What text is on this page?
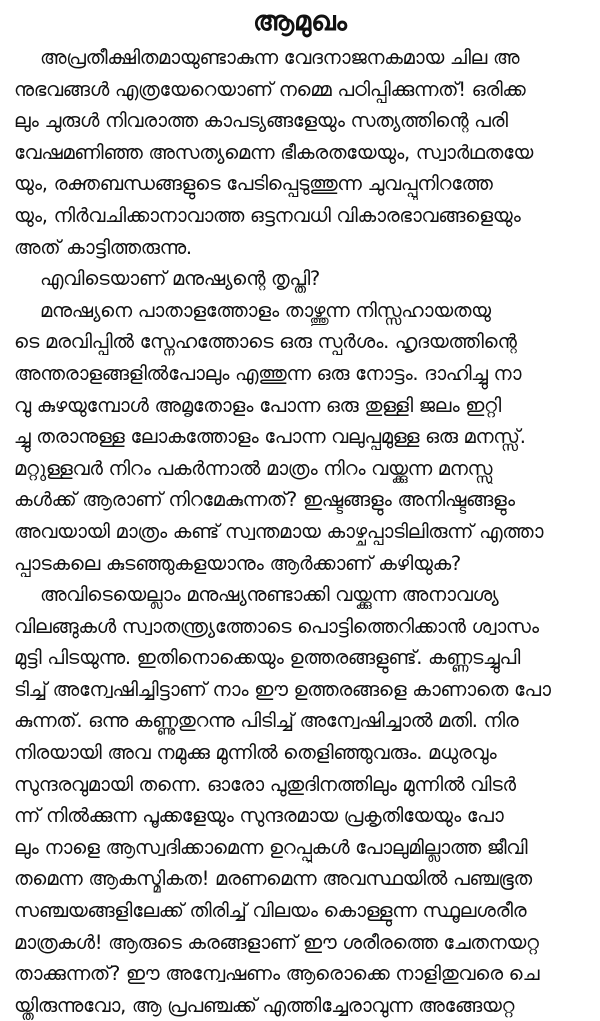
ആമുഖം
അപ്രതീക്ഷിതമായുണ്ടാകുന്ന വേദനാജനകമായ ചില അ
നുഭവങ്ങൾ എത്രയേറെയാണ് നമ്മെ പഠിപ്പിക്കുന്നത്! ഒരിക്ക
ലും ചുരുൾ നിവരാത്ത കാപട്യങ്ങളേയും സത്യത്തിന്റെ പരി
വേഷമണിഞ്ഞ അസത്യമെന്ന ഭീകരതയേയും, സ്വാർഥതയേ
യും, രക്തബന്ധങ്ങളുടെ പേടിപ്പെടുത്തുന്ന ചുവപ്പുനിറത്തേ
യും, നിർവചിക്കാനാവാത്ത ഒട്ടനവധി വികാരഭാവങ്ങളെയും
അത് കാട്ടിത്തരുന്നു.
എവിടെയാണ് മനുഷ്യന്റെ തൃപ്തി?
മനുഷ്യനെ പാതാളത്തോളം താഴ്ത്തുന്ന നിസ്സഹായതയു
ടെ മരവിപ്പിൽ സ്നേഹത്തോടെ ഒരു സ്പർശം. ഹൃദയത്തിന്റെ
അന്തരാളങ്ങളിൽപോലും എത്തുന്ന ഒരു നോട്ടം. ദാഹിച്ചു നാ
വു കുഴയുമ്പോൾ അമൃതോളം പോന്ന ഒരു തുള്ളി ജലം ഇറ്റി
ച്ചു തരാനുള്ള ലോകത്തോളം പോന്ന വലുപ്പമുള്ള ഒരു മനസ്സ്.
മറ്റുള്ളവർ നിറം പകർന്നാൽ മാത്രം നിറം വയ്ക്കുന്ന മനസ്സു
കൾക്ക് ആരാണ് നിറമേകുന്നത്? ഇഷ്ടങ്ങളും അനിഷ്ടങ്ങളും
അവയായി മാത്രം കണ്ട് സ്വന്തമായ കാഴ്ചപ്പാടിലിരുന്ന് എത്താ
പ്പാടകലെ കുടഞ്ഞുകളയാനും ആർക്കാണ് കഴിയുക?
അവിടെയെല്ലാം മനുഷ്യനുണ്ടാക്കി വയ്ക്കുന്ന അനാവശ്യ
വിലങ്ങുകൾ സ്വാതന്ത്ര്യത്തോടെ പൊട്ടിത്തെറിക്കാൻ ശ്വാസം
മുട്ടി പിടയുന്നു. ഇതിനൊക്കെയും ഉത്തരങ്ങളുണ്ട്. കണ്ണടച്ചുപി
ടിച്ച് അന്വേഷിച്ചിട്ടാണ് നാം ഈ ഉത്തരങ്ങളെ കാണാതെ പോ
കുന്നത്. ഒന്നു കണ്ണുതുറന്നു പിടിച്ച് അന്വേഷിച്ചാൽ മതി. നിര
നിരയായി അവ നമുക്കു മുന്നിൽ തെളിഞ്ഞുവരും. മധുരവും
സുന്ദരവുമായി തന്നെ. ഓരോ പുതുദിനത്തിലും മുന്നിൽ വിടർ
ന്ന് നിൽക്കുന്ന പൂക്കളേയും സുന്ദരമായ പ്രകൃതിയേയും പോ
ലും നാളെ ആസ്വദിക്കാമെന്ന ഉറപ്പുകൾ പോലുമില്ലാത്ത ജീവി
തമെന്ന ആകസ്മികത! മരണമെന്ന അവസ്ഥയിൽ പഞ്ചഭൂത
സഞ്ചയങ്ങളിലേക്ക് തിരിച്ച് വിലയം കൊള്ളുന്ന സ്ഥൂലശരീര
മാത്രകൾ! ആരുടെ കരങ്ങളാണ് ഈ ശരീരത്തെ ചേതനയറ്റ
താക്കുന്നത്? ഈ അന്വേഷണം ആരൊക്കെ നാളിതുവരെ ചെ
യ്തിരുന്നുവോ, ആ പ്രപഞ്ചക്ക് എത്തിച്ചേരാവുന്ന അങ്ങേയറ്റ
